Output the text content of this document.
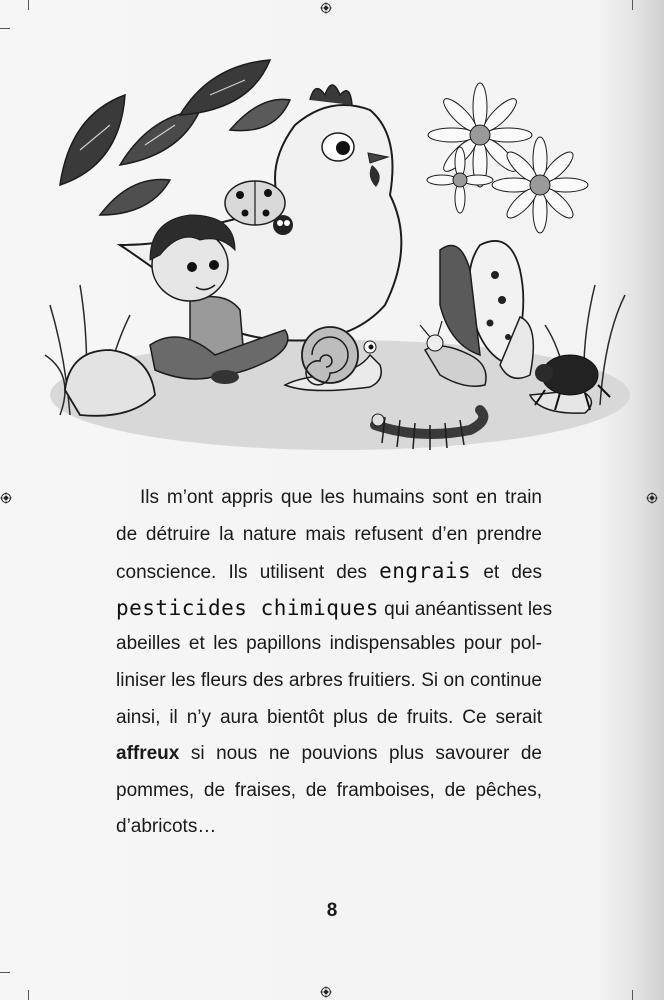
Ils m’ont appris que les humains sont en train
de détruire la nature mais refusent d’en prendre
conscience. Ils utilisent des engrais et des
pesticides chimiques qui anéantissent les
abeilles et les papillons indispensables pour pol-
liniser les fleurs des arbres fruitiers. Si on continue
ainsi, il n’y aura bientôt plus de fruits. Ce serait
affreux si nous ne pouvions plus savourer de
pommes, de fraises, de framboises, de pêches,
d’abricots…
8
